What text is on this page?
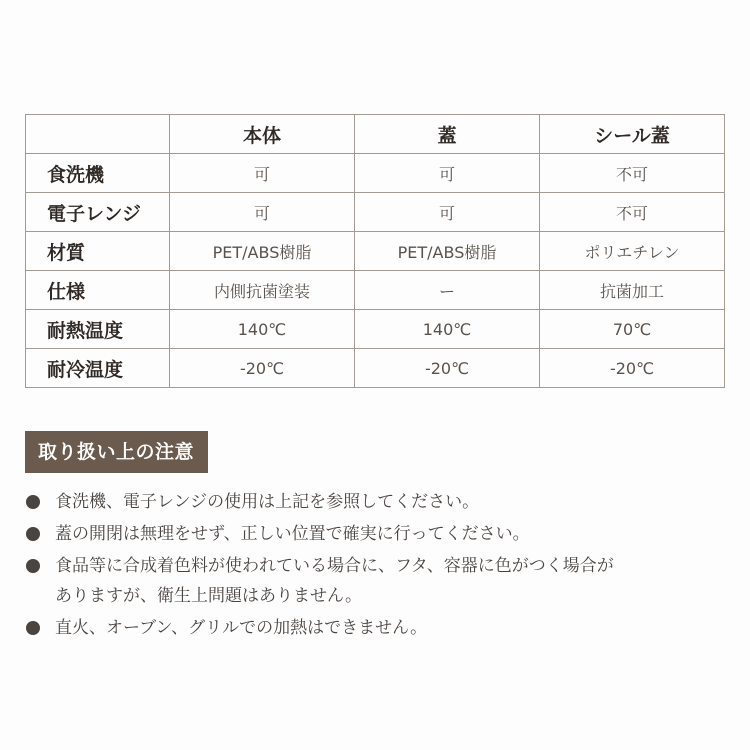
	本体	蓋	シール蓋
食洗機	可	可	不可
電子レンジ	可	可	不可
材質	PET/ABS樹脂	PET/ABS樹脂	ポリエチレン
仕様	内側抗菌塗装	ー	抗菌加工
耐熱温度	140℃	140℃	70℃
耐冷温度	-20℃	-20℃	-20℃
取り扱い上の注意
食洗機、電子レンジの使用は上記を参照してください。
蓋の開閉は無理をせず、正しい位置で確実に行ってください。
食品等に合成着色料が使われている場合に、フタ、容器に色がつく場合が
ありますが、衛生上問題はありません。
直火、オーブン、グリルでの加熱はできません。
